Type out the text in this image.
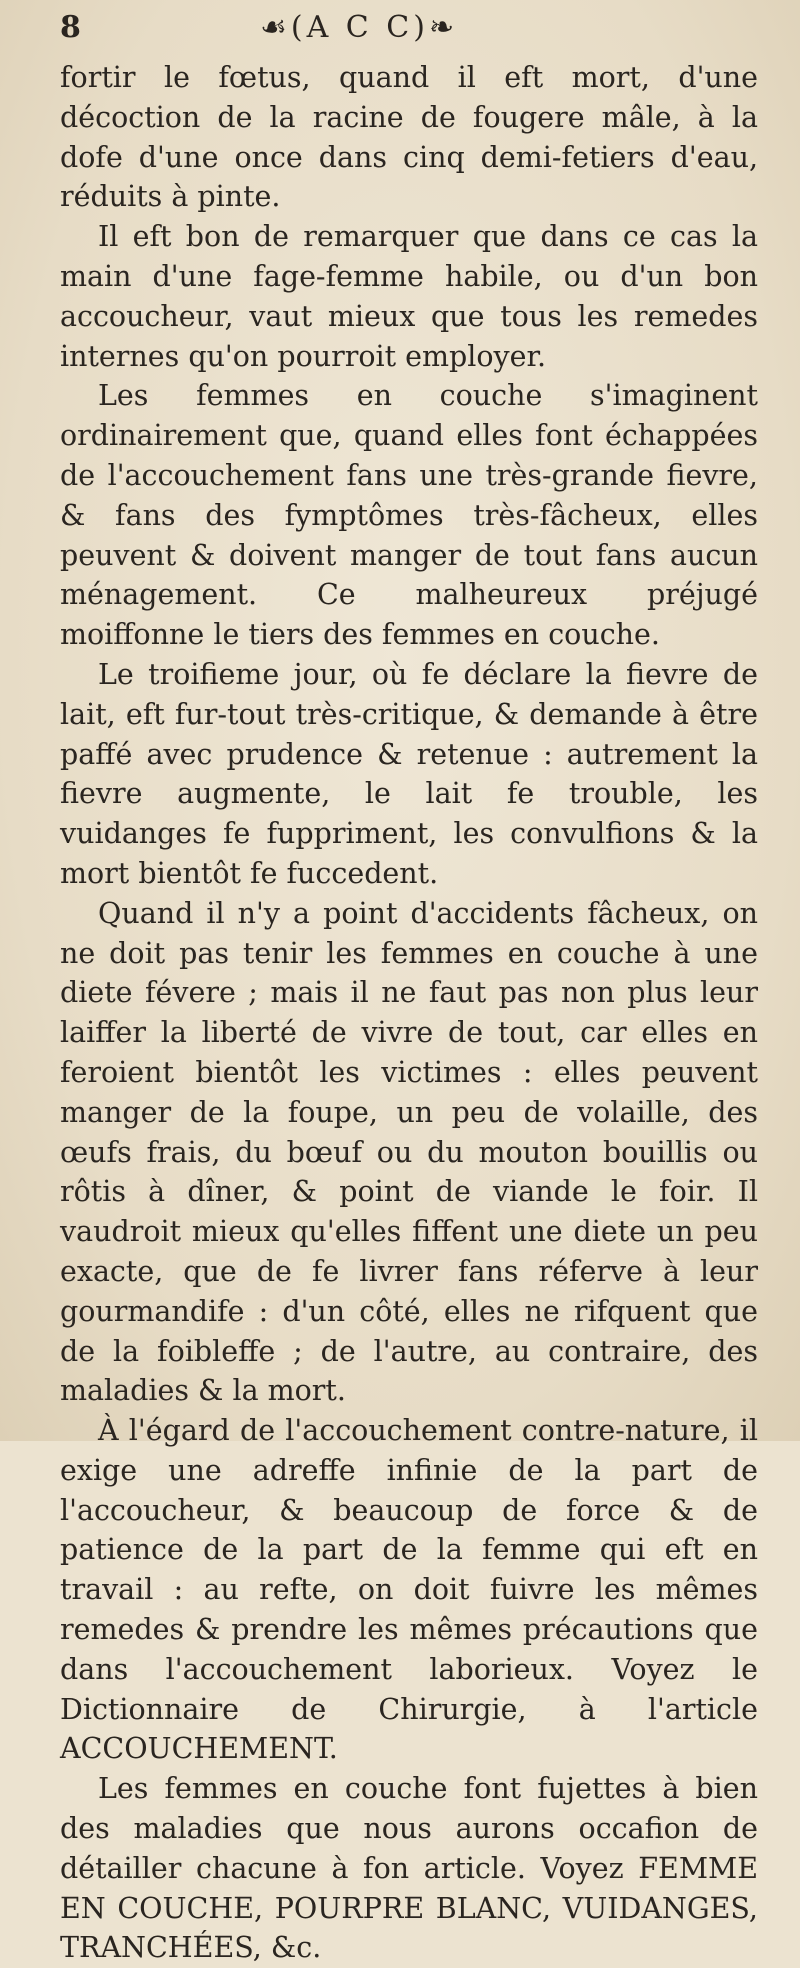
8	☙(A C C)❧

fortir le fœtus, quand il eft mort, d'une décoction de la racine de fougere mâle, à la dofe d'une once dans cinq demi-fetiers d'eau, réduits à pinte.

Il eft bon de remarquer que dans ce cas la main d'une fage-femme habile, ou d'un bon accoucheur, vaut mieux que tous les remedes internes qu'on pourroit employer.

Les femmes en couche s'imaginent ordinairement que, quand elles font échappées de l'accouchement fans une très-grande fievre, & fans des fymptômes très-fâcheux, elles peuvent & doivent manger de tout fans aucun ménagement. Ce malheureux préjugé moiffonne le tiers des femmes en couche.

Le troifieme jour, où fe déclare la fievre de lait, eft fur-tout très-critique, & demande à être paffé avec prudence & retenue : autrement la fievre augmente, le lait fe trouble, les vuidanges fe fuppriment, les convulfions & la mort bientôt fe fuccedent.

Quand il n'y a point d'accidents fâcheux, on ne doit pas tenir les femmes en couche à une diete févere ; mais il ne faut pas non plus leur laiffer la liberté de vivre de tout, car elles en feroient bientôt les victimes : elles peuvent manger de la foupe, un peu de volaille, des œufs frais, du bœuf ou du mouton bouillis ou rôtis à dîner, & point de viande le foir. Il vaudroit mieux qu'elles fiffent une diete un peu exacte, que de fe livrer fans réferve à leur gourmandife : d'un côté, elles ne rifquent que de la foibleffe ; de l'autre, au contraire, des maladies & la mort.

À l'égard de l'accouchement contre-nature, il exige une adreffe infinie de la part de l'accoucheur, & beaucoup de force & de patience de la part de la femme qui eft en travail : au refte, on doit fuivre les mêmes remedes & prendre les mêmes précautions que dans l'accouchement laborieux. Voyez le Dictionnaire de Chirurgie, à l'article ACCOUCHEMENT.

Les femmes en couche font fujettes à bien des maladies que nous aurons occafion de détailler chacune à fon article. Voyez FEMME EN COUCHE, POURPRE BLANC, VUIDANGES, TRANCHÉES, &c.
